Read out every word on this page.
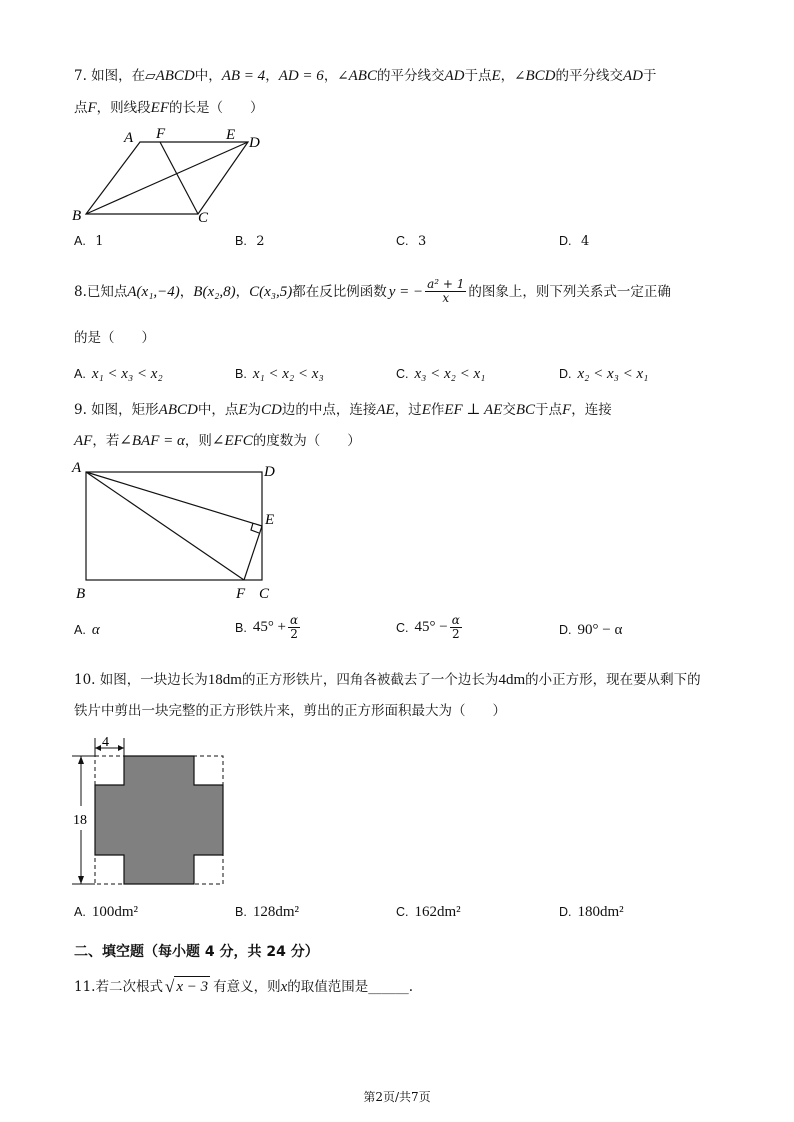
7. 如图，在▱ABCD中，AB = 4，AD = 6，∠ABC的平分线交AD于点E，∠BCD的平分线交AD于
点F，则线段EF的长是（　　）
A F	E D
B	C
A. 1	B. 2	C. 3	D. 4
8. 已知点 A(x₁,−4) ， B(x₂,8) ， C(x₃,5) 都在反比例函数 y = − $\frac{\text{a² + 1}}{x}$ 的图象上，则下列关系式一定正确
的是（　　）
A. x₁ < x₃ < x₂	B. x₁ < x₂ < x₃	C. x₃ < x₂ < x₁	D. x₂ < x₃ < x₁
9. 如图，矩形ABCD中，点E为CD边的中点，连接AE，过E作EF ⊥ AE交BC于点F，连接
AF，若∠BAF = α，则∠EFC的度数为（　　）
A	D
E
B	F C
A. α	B. $45^\circ + \frac{\alpha}{2}$	C. $45^\circ - \frac{\alpha}{2}$	D. 90° − α
10. 如图，一块边长为18dm的正方形铁片，四角各被截去了一个边长为4dm的小正方形，现在要从剩下的
铁片中剪出一块完整的正方形铁片来，剪出的正方形面积最大为（　　）
4
18
A. 100dm²	B. 128dm²	C. 162dm²	D. 180dm²
二、填空题（每小题 4 分，共 24 分）
11. 若二次根式 √ x − 3 有意义，则 x 的取值范围是______.
第2页/共7页
